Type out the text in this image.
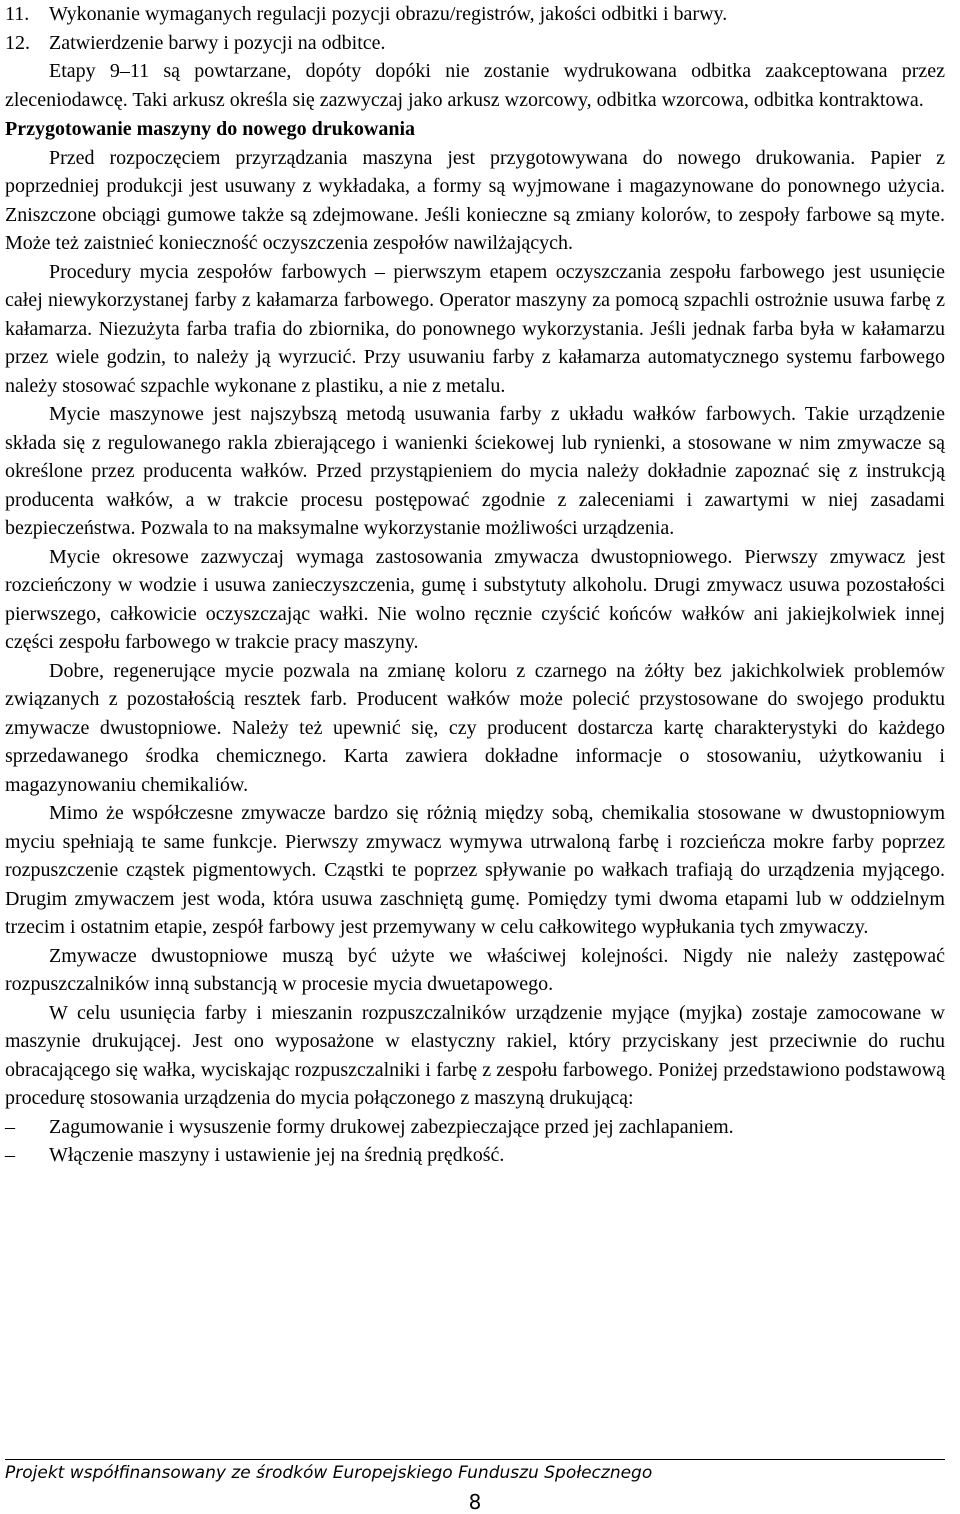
11. Wykonanie wymaganych regulacji pozycji obrazu/registrów, jakości odbitki i barwy.
12. Zatwierdzenie barwy i pozycji na odbitce.

Etapy 9–11 są powtarzane, dopóty dopóki nie zostanie wydrukowana odbitka zaakceptowana przez zleceniodawcę. Taki arkusz określa się zazwyczaj jako arkusz wzorcowy, odbitka wzorcowa, odbitka kontraktowa.

Przygotowanie maszyny do nowego drukowania

Przed rozpoczęciem przyrządzania maszyna jest przygotowywana do nowego drukowania. Papier z poprzedniej produkcji jest usuwany z wykładaka, a formy są wyjmowane i magazynowane do ponownego użycia. Zniszczone obciągi gumowe także są zdejmowane. Jeśli konieczne są zmiany kolorów, to zespoły farbowe są myte. Może też zaistnieć konieczność oczyszczenia zespołów nawilżających.

Procedury mycia zespołów farbowych – pierwszym etapem oczyszczania zespołu farbowego jest usunięcie całej niewykorzystanej farby z kałamarza farbowego. Operator maszyny za pomocą szpachli ostrożnie usuwa farbę z kałamarza. Niezużyta farba trafia do zbiornika, do ponownego wykorzystania. Jeśli jednak farba była w kałamarzu przez wiele godzin, to należy ją wyrzucić. Przy usuwaniu farby z kałamarza automatycznego systemu farbowego należy stosować szpachle wykonane z plastiku, a nie z metalu.

Mycie maszynowe jest najszybszą metodą usuwania farby z układu wałków farbowych. Takie urządzenie składa się z regulowanego rakla zbierającego i wanienki ściekowej lub rynienki, a stosowane w nim zmywacze są określone przez producenta wałków. Przed przystąpieniem do mycia należy dokładnie zapoznać się z instrukcją producenta wałków, a w trakcie procesu postępować zgodnie z zaleceniami i zawartymi w niej zasadami bezpieczeństwa. Pozwala to na maksymalne wykorzystanie możliwości urządzenia.

Mycie okresowe zazwyczaj wymaga zastosowania zmywacza dwustopniowego. Pierwszy zmywacz jest rozcieńczony w wodzie i usuwa zanieczyszczenia, gumę i substytuty alkoholu. Drugi zmywacz usuwa pozostałości pierwszego, całkowicie oczyszczając wałki. Nie wolno ręcznie czyścić końców wałków ani jakiejkolwiek innej części zespołu farbowego w trakcie pracy maszyny.

Dobre, regenerujące mycie pozwala na zmianę koloru z czarnego na żółty bez jakichkolwiek problemów związanych z pozostałością resztek farb. Producent wałków może polecić przystosowane do swojego produktu zmywacze dwustopniowe. Należy też upewnić się, czy producent dostarcza kartę charakterystyki do każdego sprzedawanego środka chemicznego. Karta zawiera dokładne informacje o stosowaniu, użytkowaniu i magazynowaniu chemikaliów.

Mimo że współczesne zmywacze bardzo się różnią między sobą, chemikalia stosowane w dwustopniowym myciu spełniają te same funkcje. Pierwszy zmywacz wymywa utrwaloną farbę i rozcieńcza mokre farby poprzez rozpuszczenie cząstek pigmentowych. Cząstki te poprzez spływanie po wałkach trafiają do urządzenia myjącego. Drugim zmywaczem jest woda, która usuwa zaschniętą gumę. Pomiędzy tymi dwoma etapami lub w oddzielnym trzecim i ostatnim etapie, zespół farbowy jest przemywany w celu całkowitego wypłukania tych zmywaczy.

Zmywacze dwustopniowe muszą być użyte we właściwej kolejności. Nigdy nie należy zastępować rozpuszczalników inną substancją w procesie mycia dwuetapowego.

W celu usunięcia farby i mieszanin rozpuszczalników urządzenie myjące (myjka) zostaje zamocowane w maszynie drukującej. Jest ono wyposażone w elastyczny rakiel, który przyciskany jest przeciwnie do ruchu obracającego się wałka, wyciskając rozpuszczalniki i farbę z zespołu farbowego. Poniżej przedstawiono podstawową procedurę stosowania urządzenia do mycia połączonego z maszyną drukującą:

–	Zagumowanie i wysuszenie formy drukowej zabezpieczające przed jej zachlapaniem.
–	Włączenie maszyny i ustawienie jej na średnią prędkość.
Projekt współfinansowany ze środków Europejskiego Funduszu Społecznego
8
